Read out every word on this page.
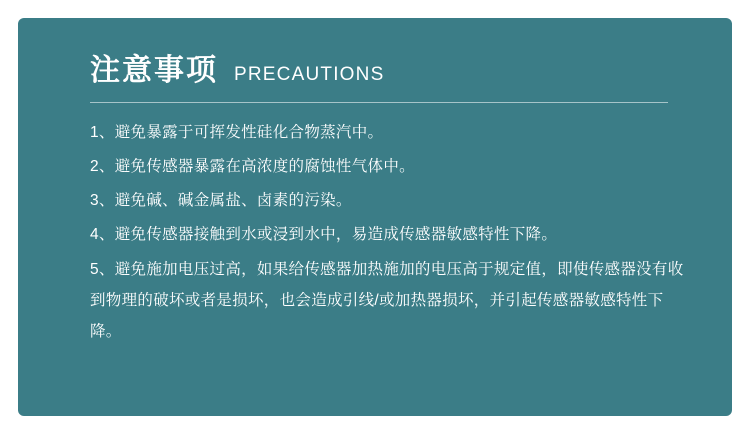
注意事项 PRECAUTIONS
1、避免暴露于可挥发性硅化合物蒸汽中。
2、避免传感器暴露在高浓度的腐蚀性气体中。
3、避免碱、碱金属盐、卤素的污染。
4、避免传感器接触到水或浸到水中，易造成传感器敏感特性下降。
5、避免施加电压过高，如果给传感器加热施加的电压高于规定值，即使传感器没有收到物理的破坏或者是损坏，也会造成引线/或加热器损坏，并引起传感器敏感特性下降。
